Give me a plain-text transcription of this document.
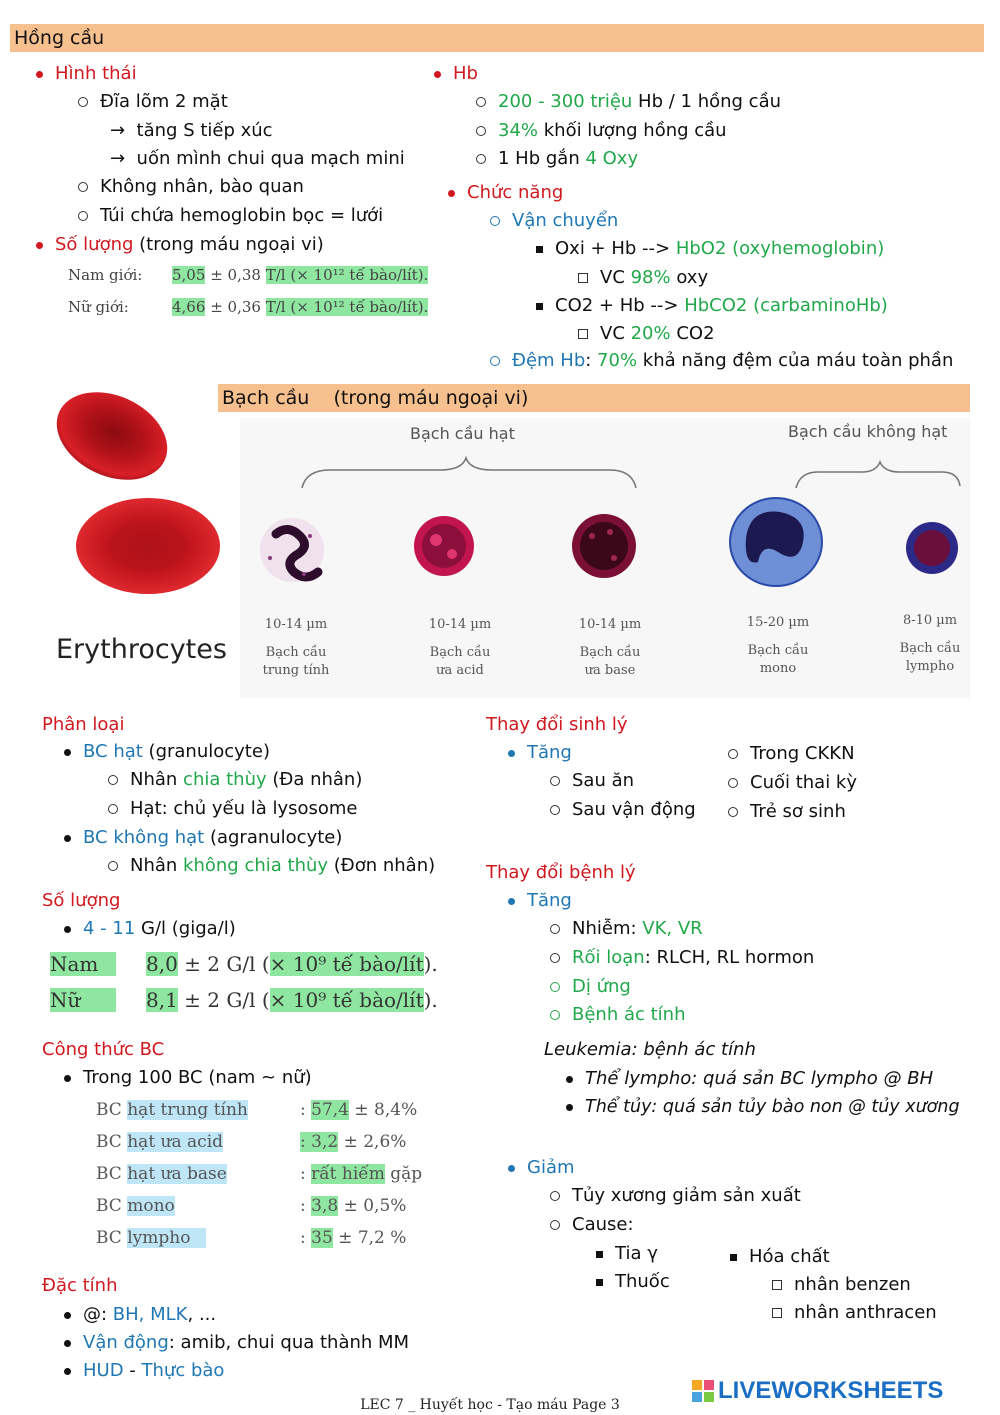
Hồng cầu
Hình thái
Đĩa lõm 2 mặt
→ tăng S tiếp xúc
→ uốn mình chui qua mạch mini
Không nhân, bào quan
Túi chứa hemoglobin bọc = lưới
Số lượng (trong máu ngoại vi)
Nam giới: 5,05 ± 0,38 T/l (× 10¹² tế bào/lít).
Nữ giới:	4,66 ± 0,36 T/l (× 10¹² tế bào/lít).
Hb
200 - 300 triệu Hb / 1 hồng cầu
34% khối lượng hồng cầu
1 Hb gắn 4 Oxy
Chức năng
Vận chuyển
Oxi + Hb --> HbO2 (oxyhemoglobin)
VC 98% oxy
CO2 + Hb --> HbCO2 (carbaminoHb)
VC 20% CO2
Đệm Hb: 70% khả năng đệm của máu toàn phần
Erythrocytes
Bạch cầu    (trong máu ngoại vi)
Bạch cầu hạt	Bạch cầu không hạt
10-14 µm
Bạch cầu
trung tính
10-14 µm
Bạch cầu
ưa acid
10-14 µm
Bạch cầu
ưa base
15-20 µm
Bạch cầu
mono
8-10 µm
Bạch cầu
lympho
Phân loại
BC hạt (granulocyte)
Nhân chia thùy (Đa nhân)
Hạt: chủ yếu là lysosome
BC không hạt (agranulocyte)
Nhân không chia thùy (Đơn nhân)
Số lượng
4 - 11 G/l (giga/l)
Nam 8,0 ± 2 G/l (× 10⁹ tế bào/lít).
Nữ	8,1 ± 2 G/l (× 10⁹ tế bào/lít).
Công thức BC
Trong 100 BC (nam ~ nữ)
BC hạt trung tính	: 57,4 ± 8,4%
BC hạt ưa acid	: 3,2 ± 2,6%
BC hạt ưa base	: rất hiếm gặp
BC mono	: 3,8 ± 0,5%
BC lympho	: 35 ± 7,2 %
Đặc tính
@: BH, MLK, ...
Vận động: amib, chui qua thành MM
HUD - Thực bào
Thay đổi sinh lý
Tăng
Sau ăn
Sau vận động
Trong CKKN
Cuối thai kỳ
Trẻ sơ sinh
Thay đổi bệnh lý
Tăng
Nhiễm: VK, VR
Rối loạn: RLCH, RL hormon
Dị ứng
Bệnh ác tính
Leukemia: bệnh ác tính
Thể lympho: quá sản BC lympho @ BH
Thể tủy: quá sản tủy bào non @ tủy xương
Giảm
Tủy xương giảm sản xuất
Cause:
Tia γ
Thuốc
Hóa chất
nhân benzen
nhân anthracen
LEC 7 _ Huyết học - Tạo máu Page 3
LIVEWORKSHEETS
